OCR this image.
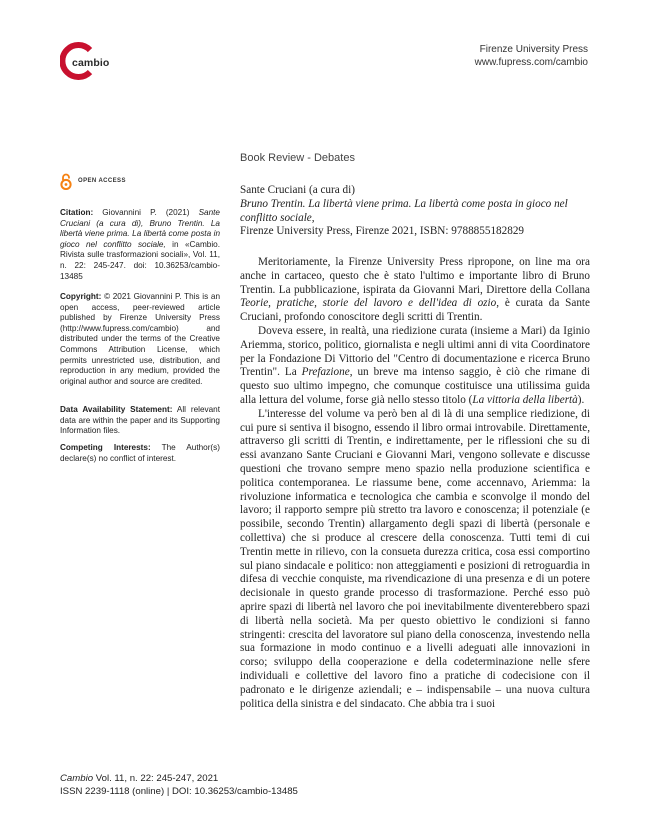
cambio
Firenze University Press
www.fupress.com/cambio
Book Review - Debates
OPEN ACCESS

Citation: Giovannini P. (2021) Sante Cruciani (a cura di), Bruno Trentin. La libertà viene prima. La libertà come posta in gioco nel conflitto sociale, in «Cambio. Rivista sulle trasformazioni sociali», Vol. 11, n. 22: 245-247. doi: 10.36253/cambio-13485

Copyright: © 2021 Giovannini P. This is an open access, peer-reviewed article published by Firenze University Press (http://www.fupress.com/cambio) and distributed under the terms of the Creative Commons Attribution License, which permits unrestricted use, distribution, and reproduction in any medium, provided the original author and source are credited.

Data Availability Statement: All relevant data are within the paper and its Supporting Information files.

Competing Interests: The Author(s) declare(s) no conflict of interest.

Sante Cruciani (a cura di)
Bruno Trentin. La libertà viene prima. La libertà come posta in gioco nel conflitto sociale,
Firenze University Press, Firenze 2021, ISBN: 9788855182829

Meritoriamente, la Firenze University Press ripropone, on line ma ora anche in cartaceo, questo che è stato l'ultimo e importante libro di Bruno Trentin. La pubblicazione, ispirata da Giovanni Mari, Direttore della Collana Teorie, pratiche, storie del lavoro e dell'idea di ozio, è curata da Sante Cruciani, profondo conoscitore degli scritti di Trentin.

Doveva essere, in realtà, una riedizione curata (insieme a Mari) da Iginio Ariemma, storico, politico, giornalista e negli ultimi anni di vita Coordinatore per la Fondazione Di Vittorio del "Centro di documentazione e ricerca Bruno Trentin". La Prefazione, un breve ma intenso saggio, è ciò che rimane di questo suo ultimo impegno, che comunque costituisce una utilissima guida alla lettura del volume, forse già nello stesso titolo (La vittoria della libertà).

L'interesse del volume va però ben al di là di una semplice riedizione, di cui pure si sentiva il bisogno, essendo il libro ormai introvabile. Direttamente, attraverso gli scritti di Trentin, e indirettamente, per le riflessioni che su di essi avanzano Sante Cruciani e Giovanni Mari, vengono sollevate e discusse questioni che trovano sempre meno spazio nella produzione scientifica e politica contemporanea. Le riassume bene, come accennavo, Ariemma: la rivoluzione informatica e tecnologica che cambia e sconvolge il mondo del lavoro; il rapporto sempre più stretto tra lavoro e conoscenza; il potenziale (e possibile, secondo Trentin) allargamento degli spazi di libertà (personale e collettiva) che si produce al crescere della conoscenza. Tutti temi di cui Trentin mette in rilievo, con la consueta durezza critica, cosa essi comportino sul piano sindacale e politico: non atteggiamenti e posizioni di retroguardia in difesa di vecchie conquiste, ma rivendicazione di una presenza e di un potere decisionale in questo grande processo di trasformazione. Perché esso può aprire spazi di libertà nel lavoro che poi inevitabilmente diventerebbero spazi di libertà nella società. Ma per questo obiettivo le condizioni si fanno stringenti: crescita del lavoratore sul piano della conoscenza, investendo nella sua formazione in modo continuo e a livelli adeguati alle innovazioni in corso; sviluppo della cooperazione e della codeterminazione nelle sfere individuali e collettive del lavoro fino a pratiche di codecisione con il padronato e le dirigenze aziendali; e – indispensabile – una nuova cultura politica della sinistra e del sindacato. Che abbia tra i suoi

Cambio Vol. 11, n. 22: 245-247, 2021
ISSN 2239-1118 (online) | DOI: 10.36253/cambio-13485
